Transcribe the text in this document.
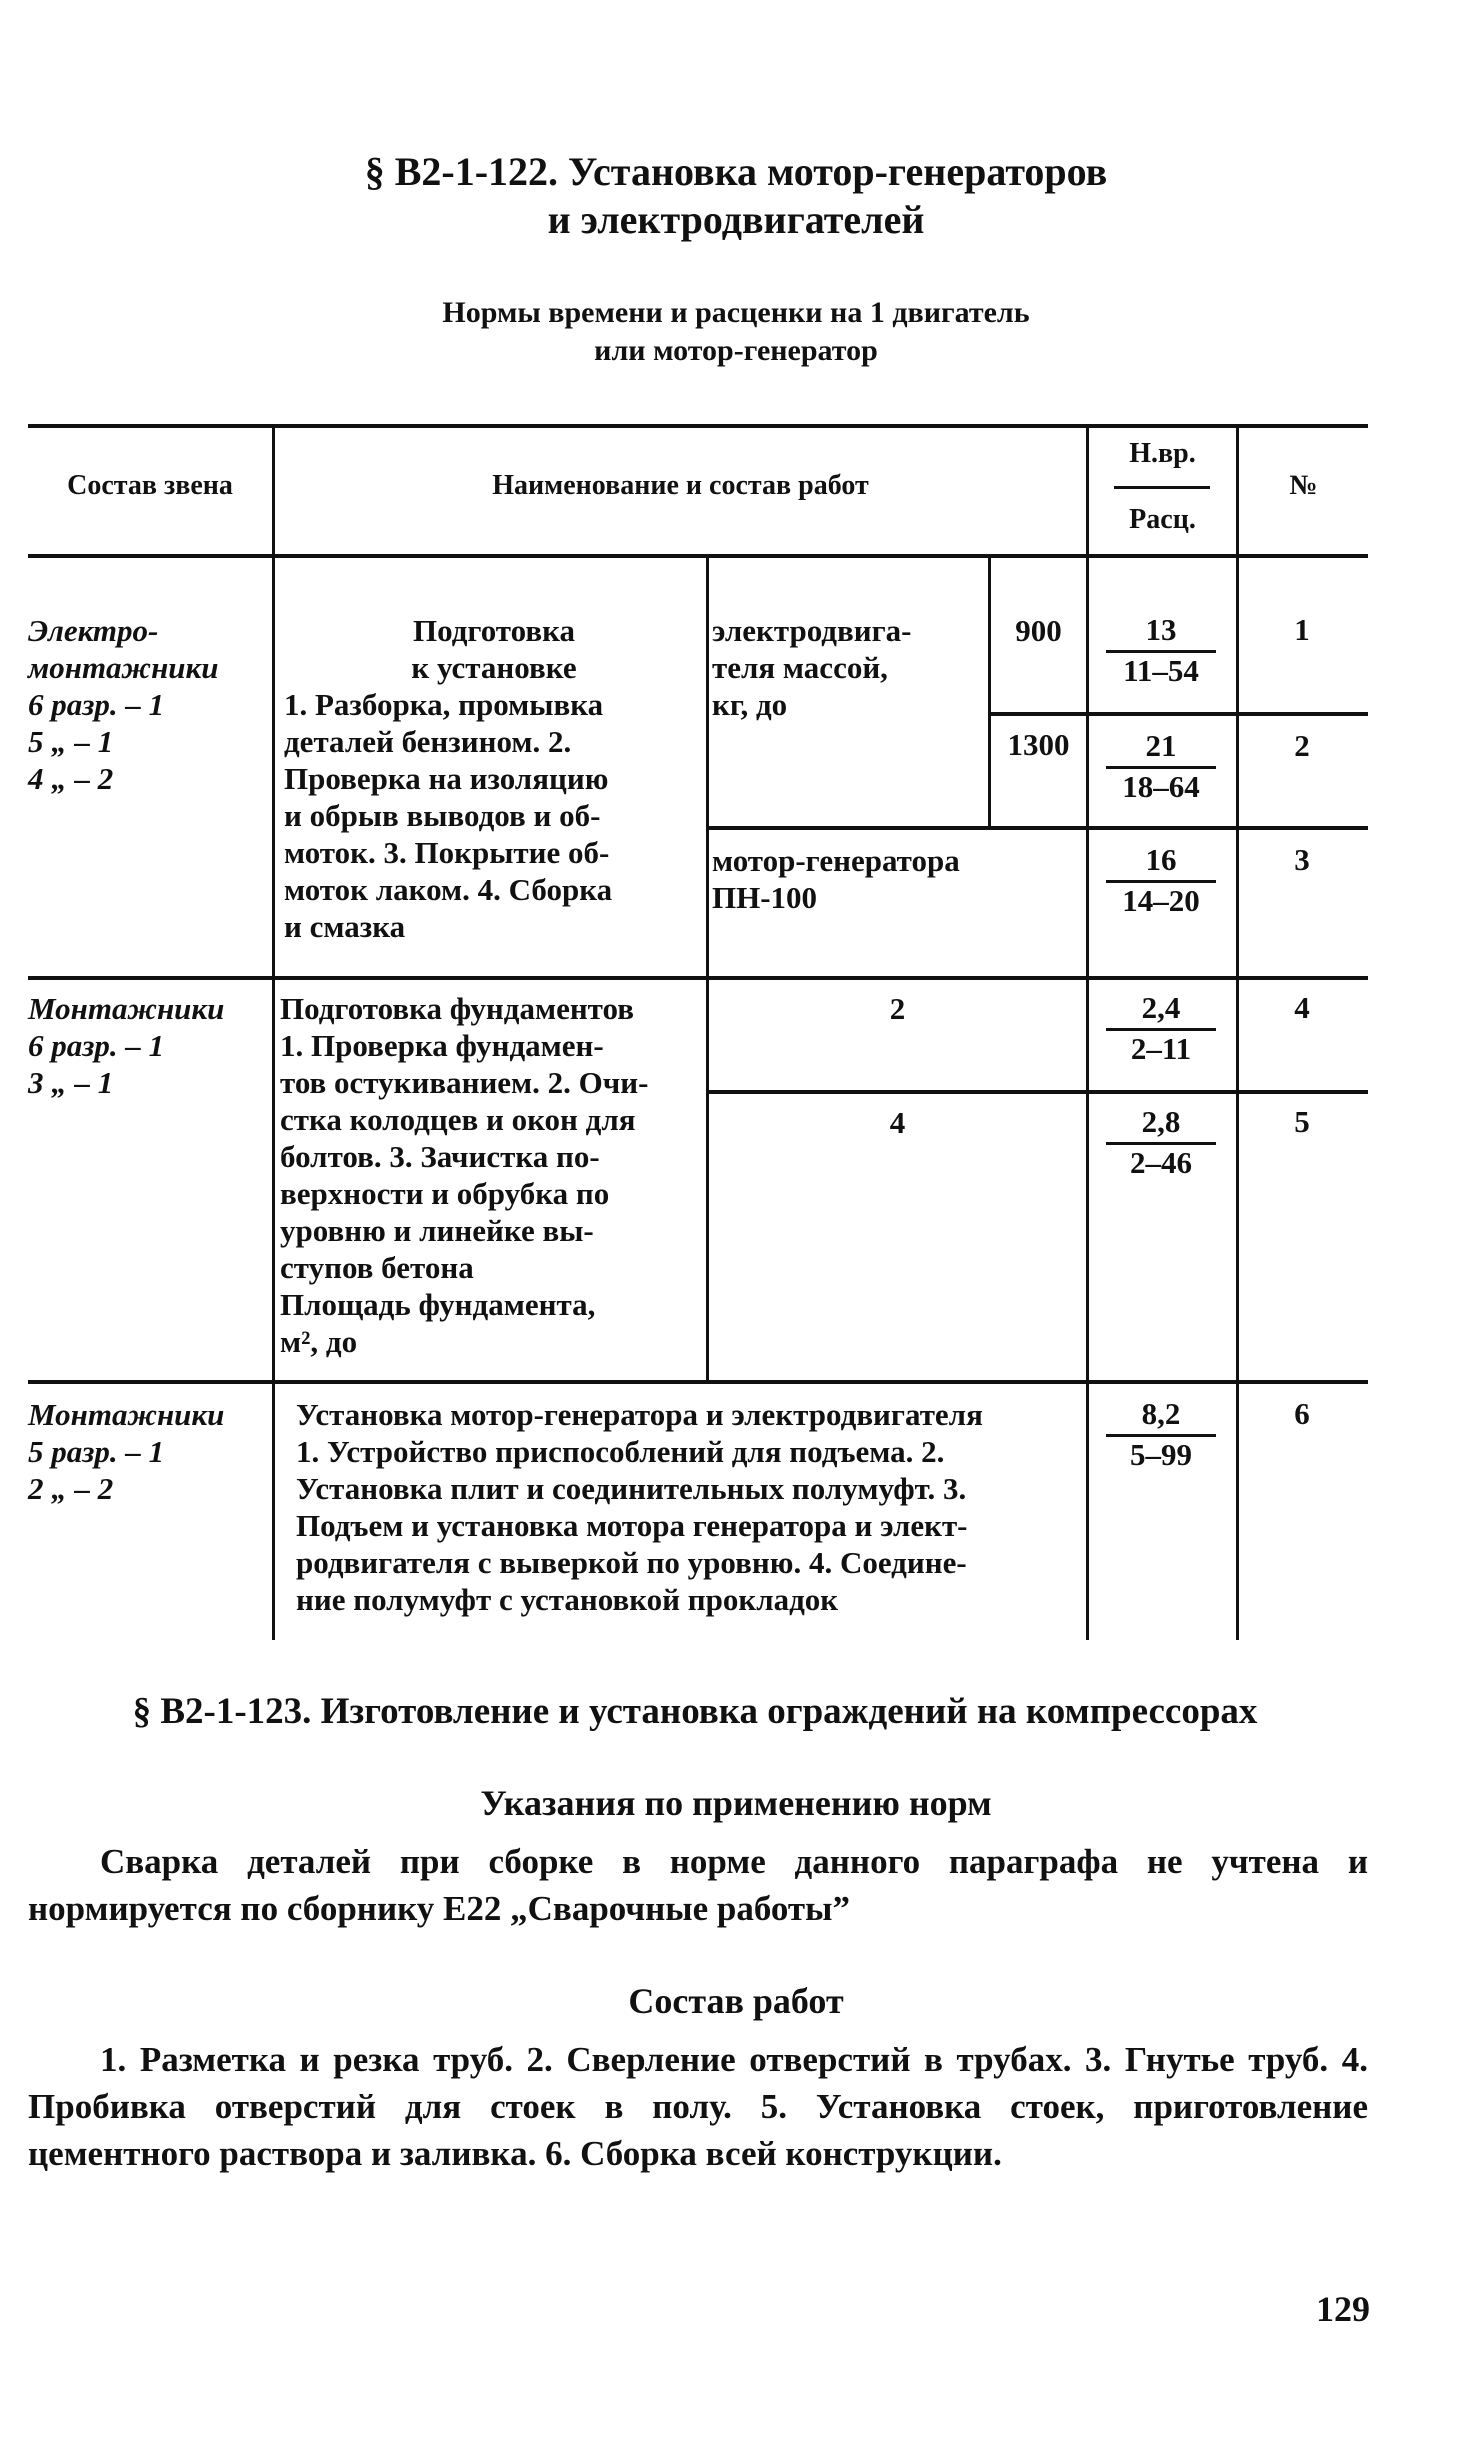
§ В2-1-122. Установка мотор-генераторов
и электродвигателей
Нормы времени и расценки на 1 двигатель
или мотор-генератор
Состав звена	Наименование и состав работ
Н.вр.
Расц.
№
Электро-
монтажники
6 разр. – 1
5 „ – 1
4 „ – 2
Подготовка
к установке
1. Разборка, промывка
деталей бензином. 2.
Проверка на изоляцию
и обрыв выводов и об-
моток. 3. Покрытие об-
моток лаком. 4. Сборка
и смазка
электродвига-
теля массой,
кг, до
мотор-генератора
ПН-100
900
1300
$\frac{13}{11-54}$
$\frac{21}{18-64}$
$\frac{16}{14-20}$
1
2
3
Монтажники
6 разр. – 1
3 „ – 1
Подготовка фундаментов
1. Проверка фундамен-
тов остукиванием. 2. Очи-
стка колодцев и окон для
болтов. 3. Зачистка по-
верхности и обрубка по
уровню и линейке вы-
ступов бетона
Площадь фундамента,
м², до
2
4
$\frac{2,4}{2-11}$
$\frac{2,8}{2-46}$
4
5
Монтажники
5 разр. – 1
2 „ – 2
Установка мотор-генератора и электродвигателя
1. Устройство приспособлений для подъема. 2.
Установка плит и соединительных полумуфт. 3.
Подъем и установка мотора генератора и элект-
родвигателя с выверкой по уровню. 4. Соедине-
ние полумуфт с установкой прокладок
$\frac{8,2}{5-99}$	6
§ В2-1-123. Изготовление и установка ограждений на компрессорах
Указания по применению норм
Сварка деталей при сборке в норме данного параграфа не учтена и нормируется по сборнику Е22 „Сварочные работы”
Состав работ
1. Разметка и резка труб. 2. Сверление отверстий в трубах. 3. Гнутье труб. 4. Пробивка отверстий для стоек в полу. 5. Установка стоек, приготовление цементного раствора и заливка. 6. Сборка всей конструкции.
129
